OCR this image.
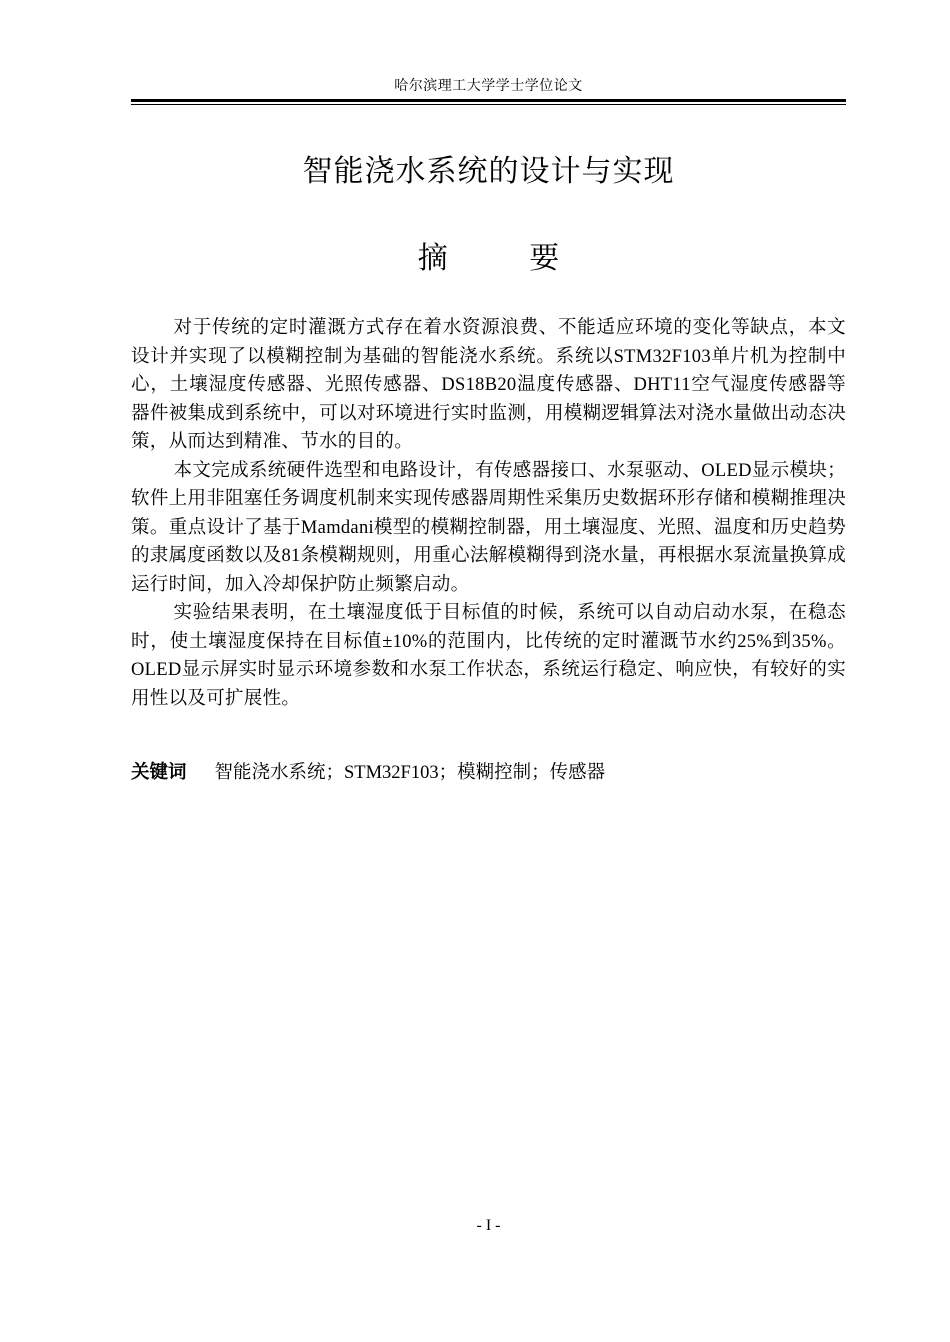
哈尔滨理工大学学士学位论文
智能浇水系统的设计与实现
摘 要

对于传统的定时灌溉方式存在着水资源浪费、不能适应环境的变化等缺点，本文设计并实现了以模糊控制为基础的智能浇水系统。系统以STM32F103单片机为控制中心，土壤湿度传感器、光照传感器、DS18B20温度传感器、DHT11空气湿度传感器等器件被集成到系统中，可以对环境进行实时监测，用模糊逻辑算法对浇水量做出动态决策，从而达到精准、节水的目的。

本文完成系统硬件选型和电路设计，有传感器接口、水泵驱动、OLED显示模块；软件上用非阻塞任务调度机制来实现传感器周期性采集历史数据环形存储和模糊推理决策。重点设计了基于Mamdani模型的模糊控制器，用土壤湿度、光照、温度和历史趋势的隶属度函数以及81条模糊规则，用重心法解模糊得到浇水量，再根据水泵流量换算成运行时间，加入冷却保护防止频繁启动。

实验结果表明，在土壤湿度低于目标值的时候，系统可以自动启动水泵，在稳态时，使土壤湿度保持在目标值±10%的范围内，比传统的定时灌溉节水约25%到35%。OLED显示屏实时显示环境参数和水泵工作状态，系统运行稳定、响应快，有较好的实用性以及可扩展性。

关键词 智能浇水系统；STM32F103；模糊控制；传感器
- I -
